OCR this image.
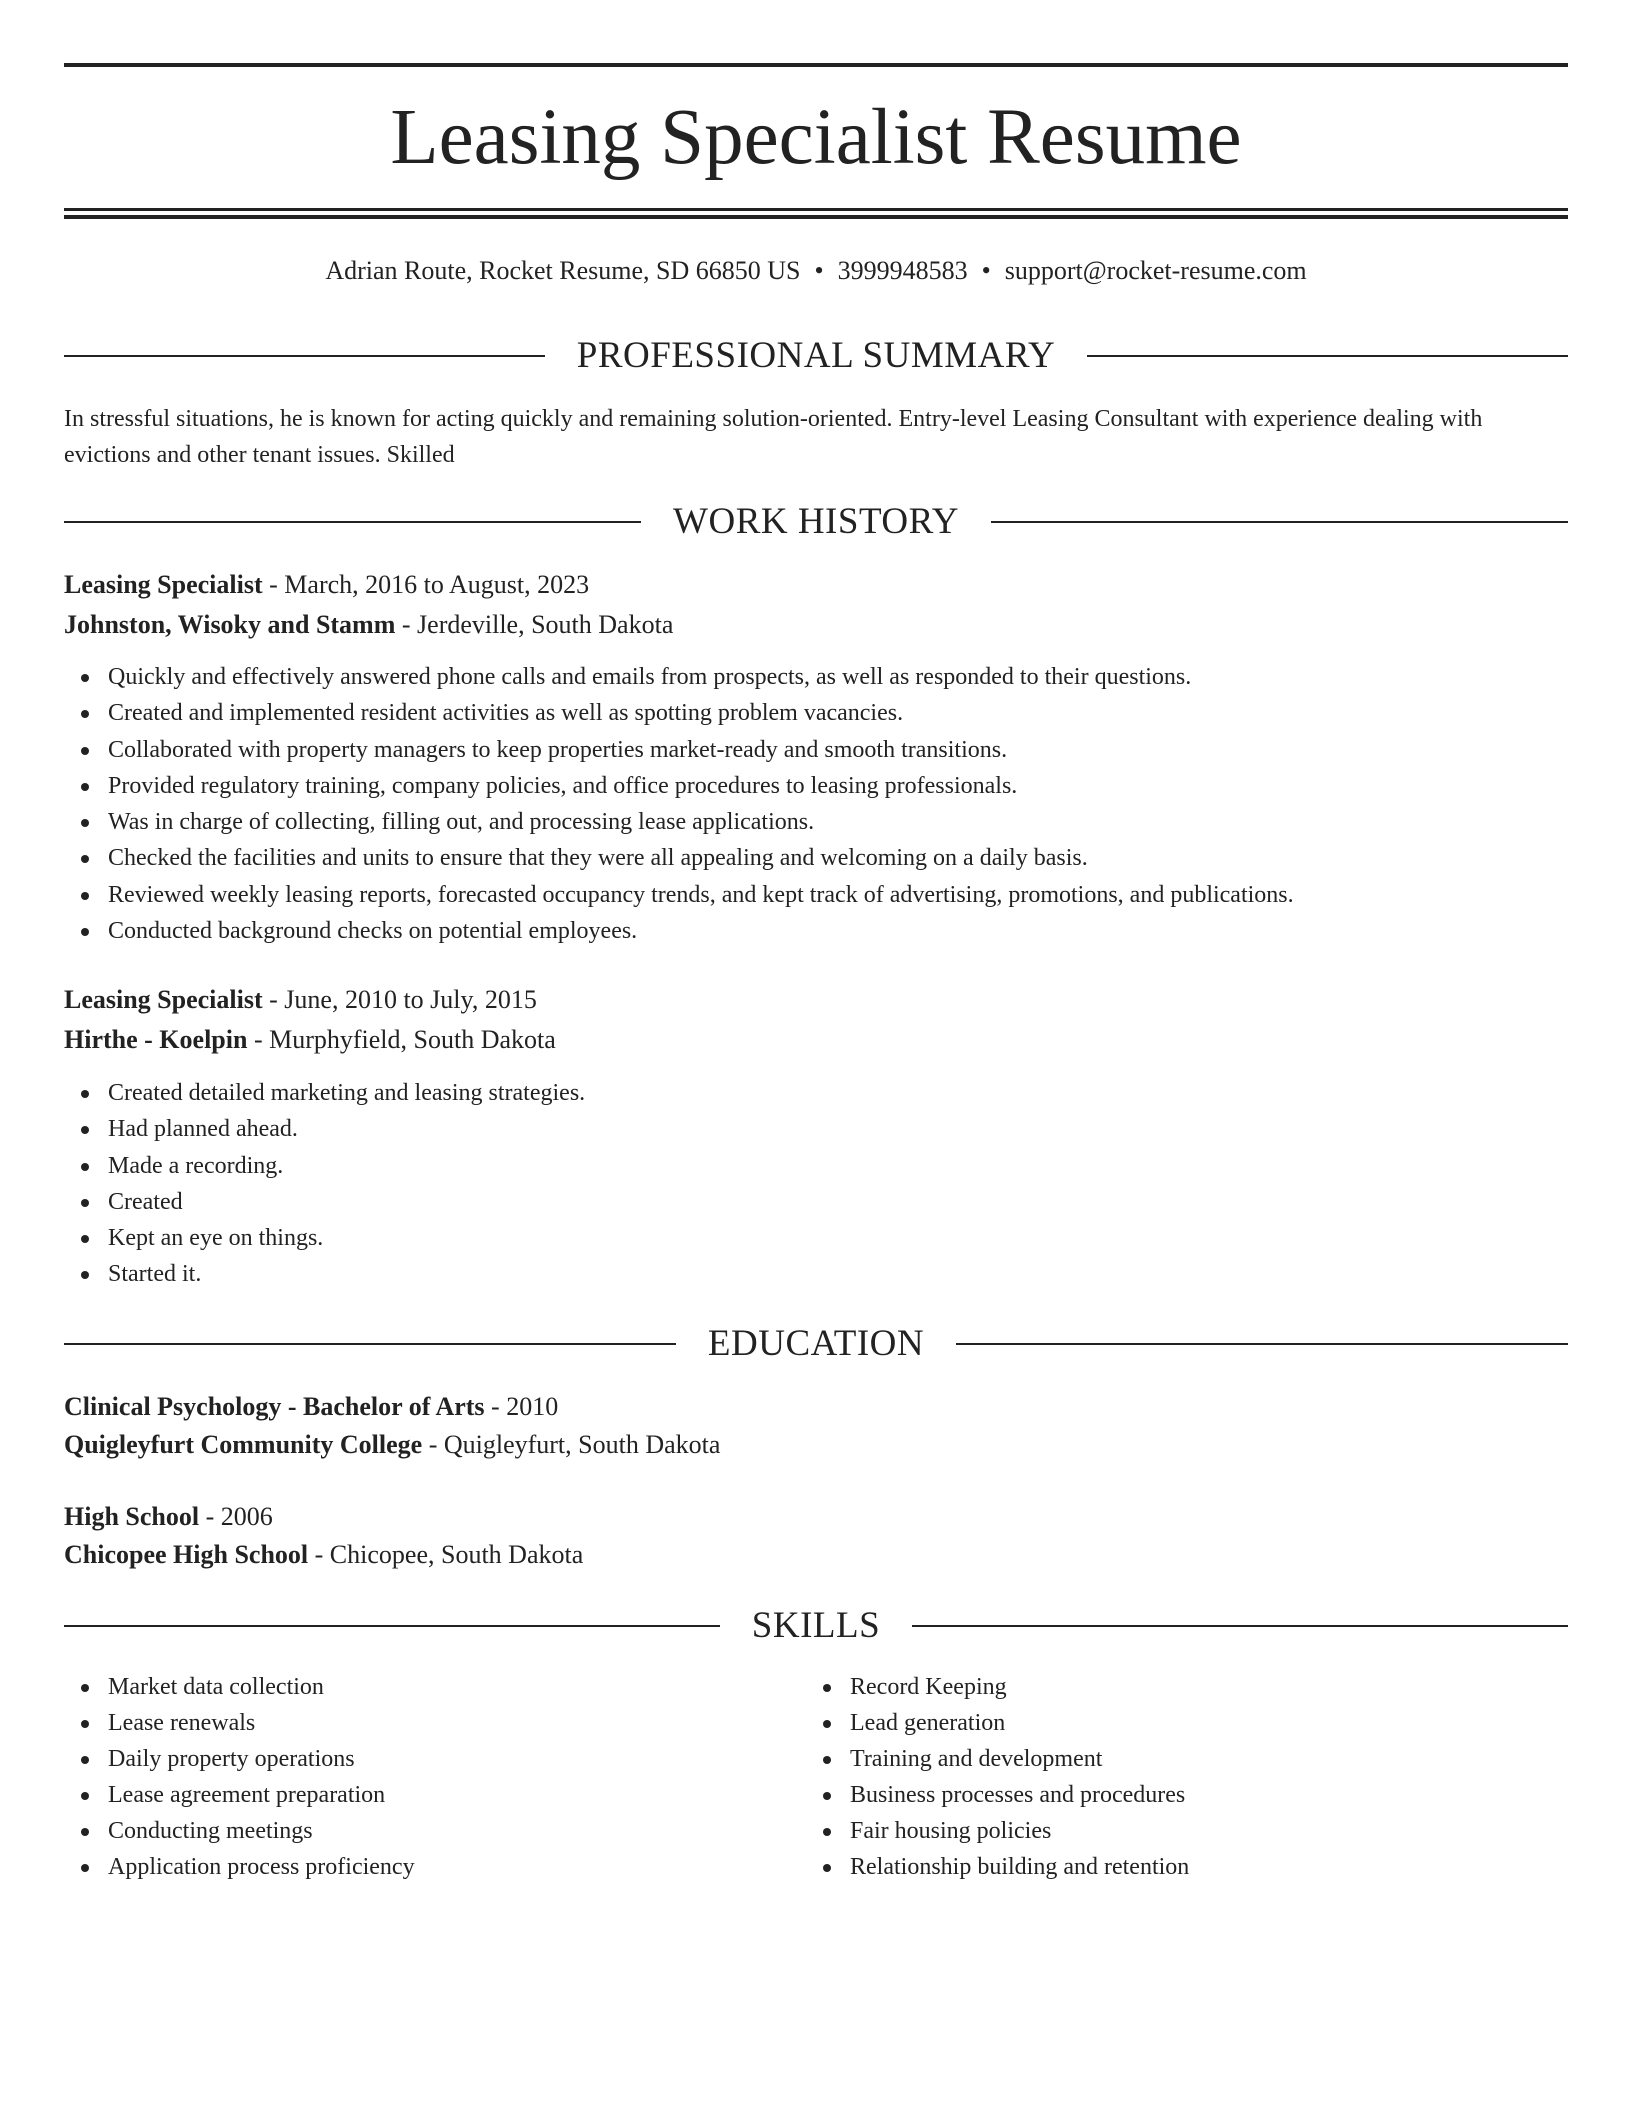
Leasing Specialist Resume
Adrian Route, Rocket Resume, SD 66850 US • 3999948583 • support@rocket-resume.com
PROFESSIONAL SUMMARY

In stressful situations, he is known for acting quickly and remaining solution-oriented. Entry-level Leasing Consultant with experience dealing with evictions and other tenant issues. Skilled

WORK HISTORY
Leasing Specialist - March, 2016 to August, 2023
Johnston, Wisoky and Stamm - Jerdeville, South Dakota
Quickly and effectively answered phone calls and emails from prospects, as well as responded to their questions.
Created and implemented resident activities as well as spotting problem vacancies.
Collaborated with property managers to keep properties market-ready and smooth transitions.
Provided regulatory training, company policies, and office procedures to leasing professionals.
Was in charge of collecting, filling out, and processing lease applications.
Checked the facilities and units to ensure that they were all appealing and welcoming on a daily basis.
Reviewed weekly leasing reports, forecasted occupancy trends, and kept track of advertising, promotions, and publications.
Conducted background checks on potential employees.
Leasing Specialist - June, 2010 to July, 2015
Hirthe - Koelpin - Murphyfield, South Dakota
Created detailed marketing and leasing strategies.
Had planned ahead.
Made a recording.
Created
Kept an eye on things.
Started it.
EDUCATION
Clinical Psychology - Bachelor of Arts - 2010
Quigleyfurt Community College - Quigleyfurt, South Dakota
High School - 2006
Chicopee High School - Chicopee, South Dakota
SKILLS
Market data collection
Lease renewals
Daily property operations
Lease agreement preparation
Conducting meetings
Application process proficiency
Record Keeping
Lead generation
Training and development
Business processes and procedures
Fair housing policies
Relationship building and retention
